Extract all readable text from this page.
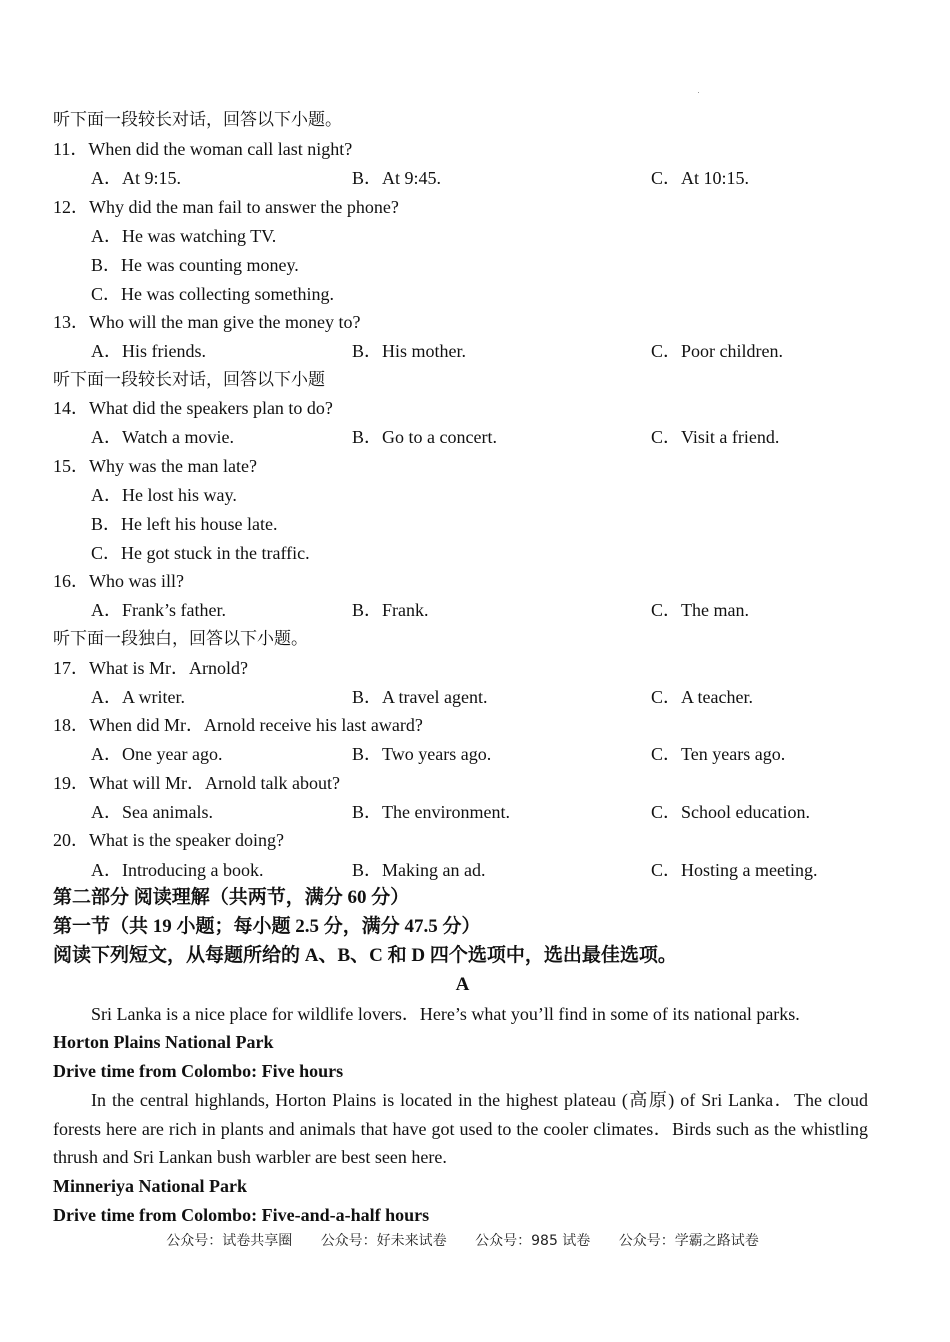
听下面一段较长对话，回答以下小题。
11．When did the woman call last night?
A．At 9:15.	B．At 9:45.	C．At 10:15.
12．Why did the man fail to answer the phone?
A．He was watching TV.
B．He was counting money.
C．He was collecting something.
13．Who will the man give the money to?
A．His friends.	B．His mother.	C．Poor children.
听下面一段较长对话，回答以下小题
14．What did the speakers plan to do?
A．Watch a movie.	B．Go to a concert.	C．Visit a friend.
15．Why was the man late?
A．He lost his way.
B．He left his house late.
C．He got stuck in the traffic.
16．Who was ill?
A．Frank’s father.	B．Frank.	C．The man.
听下面一段独白，回答以下小题。
17．What is Mr．Arnold?
A．A writer.	B．A travel agent.	C．A teacher.
18．When did Mr．Arnold receive his last award?
A．One year ago.	B．Two years ago.	C．Ten years ago.
19．What will Mr．Arnold talk about?
A．Sea animals.	B．The environment.	C．School education.
20．What is the speaker doing?
A．Introducing a book.	B．Making an ad.	C．Hosting a meeting.
第二部分 阅读理解（共两节，满分 60 分）
第一节（共 19 小题；每小题 2.5 分，满分 47.5 分）
阅读下列短文，从每题所给的 A、B、C 和 D 四个选项中，选出最佳选项。
A
Sri Lanka is a nice place for wildlife lovers．Here’s what you’ll find in some of its national parks.
Horton Plains National Park
Drive time from Colombo: Five hours
In the central highlands, Horton Plains is located in the highest plateau (高原) of Sri Lanka．The cloud forests here are rich in plants and animals that have got used to the cooler climates．Birds such as the whistling thrush and Sri Lankan bush warbler are best seen here.
Minneriya National Park
Drive time from Colombo: Five-and-a-half hours
公众号：试卷共享圈 公众号：好未来试卷 公众号：985 试卷 公众号：学霸之路试卷
